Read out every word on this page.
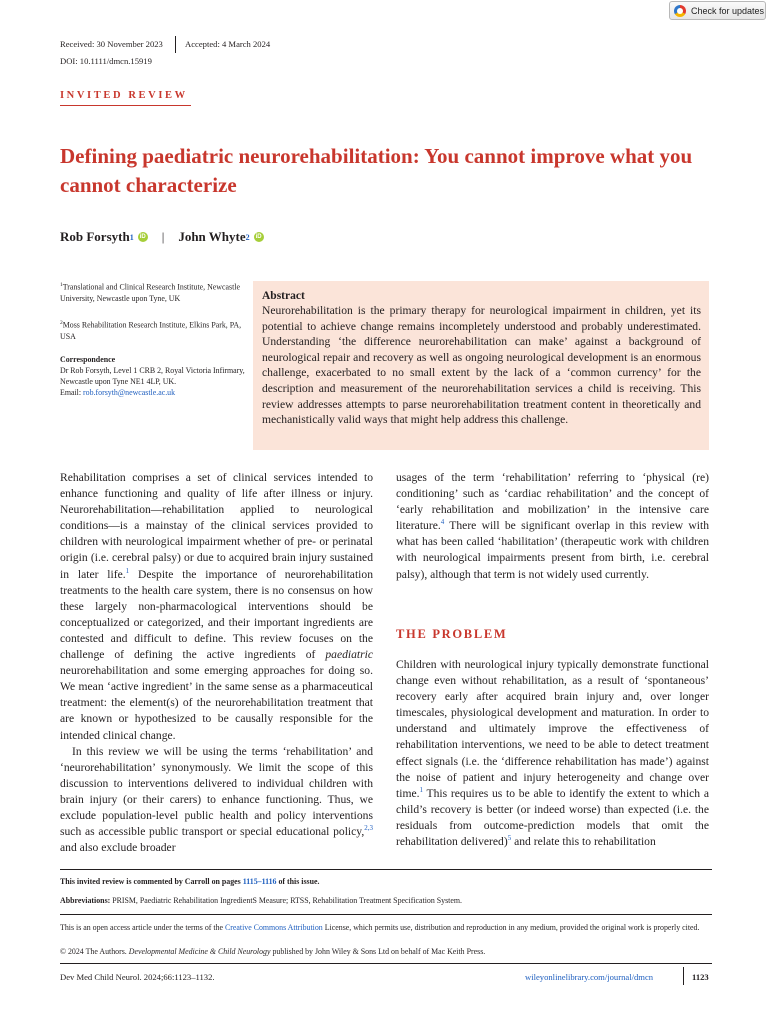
Check for updates
Received: 30 November 2023	Accepted: 4 March 2024
DOI: 10.1111/dmcn.15919
INVITED REVIEW
Defining paediatric neurorehabilitation: You cannot improve what you cannot characterize
Rob Forsyth 1	iD | John Whyte 2	iD
$^1$Translational and Clinical Research Institute, Newcastle University, Newcastle upon Tyne, UK
$^2$Moss Rehabilitation Research Institute, Elkins Park, PA, USA
Correspondence
Dr Rob Forsyth, Level 1 CRB 2, Royal Victoria Infirmary, Newcastle upon Tyne NE1 4LP, UK.
Email: rob.forsyth@newcastle.ac.uk
Abstract
Neurorehabilitation is the primary therapy for neurological impairment in children, yet its potential to achieve change remains incompletely understood and probably underestimated. Understanding ‘the difference neurorehabilitation can make’ against a background of neurological repair and recovery as well as ongoing neurological development is an enormous challenge, exacerbated to no small extent by the lack of a ‘common currency’ for the description and measurement of the neurorehabilitation services a child is receiving. This review addresses attempts to parse neurorehabilitation treatment content in theoretically and mechanistically valid ways that might help address this challenge.

Rehabilitation comprises a set of clinical services intended to enhance functioning and quality of life after illness or injury. Neurorehabilitation—rehabilitation applied to neurological conditions—is a mainstay of the clinical services provided to children with neurological impairment whether of pre- or perinatal origin (i.e. cerebral palsy) or due to acquired brain injury sustained in later life.$^1$ Despite the importance of neurorehabilitation treatments to the health care system, there is no consensus on how these largely non-pharmacological interventions should be conceptualized or categorized, and their important ingredients are contested and difficult to define. This review focuses on the challenge of defining the active ingredients of paediatric neurorehabilitation and some emerging approaches for doing so. We mean ‘active ingredient’ in the same sense as a pharmaceutical treatment: the element(s) of the neurorehabilitation treatment that are known or hypothesized to be causally responsible for the intended clinical change.

In this review we will be using the terms ‘rehabilitation’ and ‘neurorehabilitation’ synonymously. We limit the scope of this discussion to interventions delivered to individual children with brain injury (or their carers) to enhance functioning. Thus, we exclude population-level public health and policy interventions such as accessible public transport or special educational policy,$^{2,3}$ and also exclude broader

usages of the term ‘rehabilitation’ referring to ‘physical (re) conditioning’ such as ‘cardiac rehabilitation’ and the concept of ‘early rehabilitation and mobilization’ in the intensive care literature.$^4$ There will be significant overlap in this review with what has been called ‘habilitation’ (therapeutic work with children with neurological impairments present from birth, i.e. cerebral palsy), although that term is not widely used currently.

THE PROBLEM

Children with neurological injury typically demonstrate functional change even without rehabilitation, as a result of ‘spontaneous’ recovery early after acquired brain injury and, over longer timescales, physiological development and maturation. In order to understand and ultimately improve the effectiveness of rehabilitation interventions, we need to be able to detect treatment effect signals (i.e. the ‘difference rehabilitation has made’) against the noise of patient and injury heterogeneity and change over time.$^1$ This requires us to be able to identify the extent to which a child’s recovery is better (or indeed worse) than expected (i.e. the residuals from outcome-prediction models that omit the rehabilitation delivered)$^5$ and relate this to rehabilitation

This invited review is commented by Carroll on pages 1115–1116 of this issue.
Abbreviations: PRISM, Paediatric Rehabilitation IngredientS Measure; RTSS, Rehabilitation Treatment Specification System.
This is an open access article under the terms of the Creative Commons Attribution License, which permits use, distribution and reproduction in any medium, provided the original work is properly cited.
© 2024 The Authors. Developmental Medicine & Child Neurology published by John Wiley & Sons Ltd on behalf of Mac Keith Press.
Dev Med Child Neurol. 2024;66:1123–1132.	wileyonlinelibrary.com/journal/dmcn	1123
